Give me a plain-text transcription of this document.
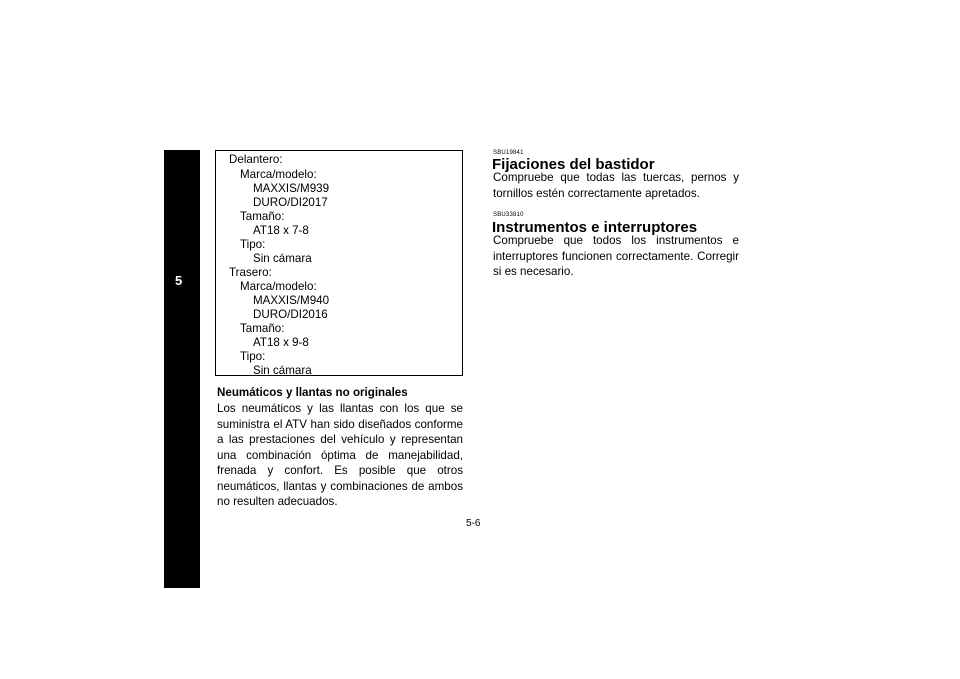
5
Delantero:
Marca/modelo:
MAXXIS/M939
DURO/DI2017
Tamaño:
AT18 x 7-8
Tipo:
Sin cámara
Trasero:
Marca/modelo:
MAXXIS/M940
DURO/DI2016
Tamaño:
AT18 x 9-8
Tipo:
Sin cámara
Neumáticos y llantas no originales

Los neumáticos y las llantas con los que se suministra el ATV han sido diseñados conforme a las prestaciones del vehículo y representan una combinación óptima de manejabilidad, frenada y confort. Es posible que otros neumáticos, llantas y combinaciones de ambos no resulten adecuados.

SBU19841
Fijaciones del bastidor

Compruebe que todas las tuercas, pernos y tornillos estén correctamente apretados.

SBU33810
Instrumentos e interruptores

Compruebe que todos los instrumentos e interruptores funcionen correctamente. Corregir si es necesario.

5-6
